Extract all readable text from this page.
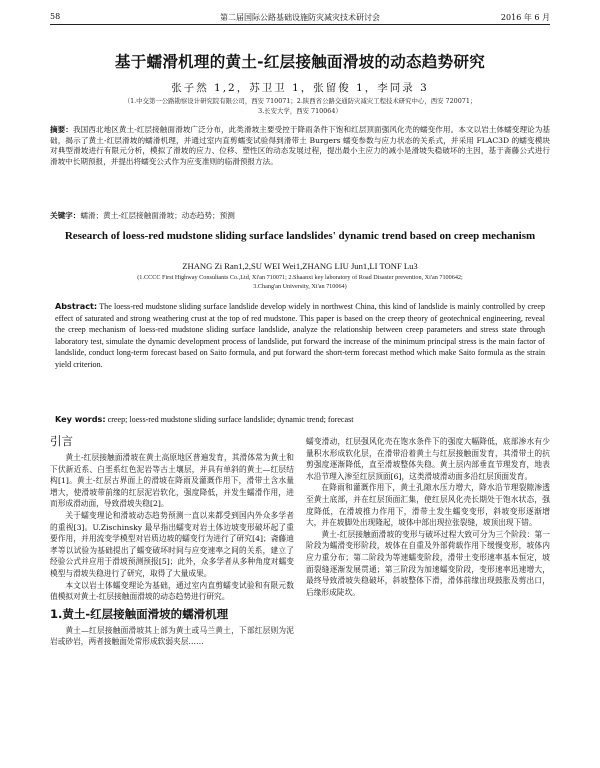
58	第二届国际公路基础设施防灾减灾技术研讨会	2016 年 6 月
基于蠕滑机理的黄土-红层接触面滑坡的动态趋势研究
张子然 1,2，苏卫卫 1，张留俊 1，李同录 3
（1.中交第一公路勘察设计研究院有限公司，西安 710071；2.陕西省公路交通防灾减灾工程技术研究中心，西安 720071；
3.长安大学，西安 710064）
摘要：我国西北地区黄土-红层接触面滑坡广泛分布，此类滑坡主要受控于降雨条件下饱和红层顶面强风化壳的蠕变作用。本文以岩土体蠕变理论为基础，揭示了黄土-红层滑坡的蠕滑机理，并通过室内直剪蠕变试验得到滑带土 Burgers 蠕变参数与应力状态的关系式，并采用 FLAC3D 的蠕变模块对典型滑坡进行有限元分析，模拟了滑坡的应力、位移、塑性区的动态发展过程，提出最小主应力的减小是滑坡失稳破坏的主因，基于斋藤公式进行滑坡中长期预报，并提出将蠕变公式作为应变准则的临滑预报方法。
关键字：蠕滑；黄土-红层接触面滑坡；动态趋势；预测
Research of loess-red mudstone sliding surface landslides' dynamic trend based on creep mechanism
ZHANG Zi Ran1,2,SU WEI Wei1,ZHANG LIU Jun1,LI TONF Lu3
(1.CCCC First Highway Consultants Co.,Ltd, Xi'an 710071; 2.Shaanxi key laboratory of Road Disaster prevention, Xi'an 7100642;
3.Chang'an University, Xi'an 710064)
Abstract: The loess-red mudstone sliding surface landslide develop widely in northwest China, this kind of landslide is mainly controlled by creep effect of saturated and strong weathering crust at the top of red mudstone. This paper is based on the creep theory of geotechnical engineering, reveal the creep mechanism of loess-red mudstone sliding surface landslide, analyze the relationship between creep parameters and stress state through laboratory test, simulate the dynamic development process of landslide, put forward the increase of the minimum principal stress is the main factor of landslide, conduct long-term forecast based on Saito formula, and put forward the short-term forecast method which make Saito formula as the strain yield criterion.
Key words: creep; loess-red mudstone sliding surface landslide; dynamic trend; forecast
引言

黄土-红层接触面滑坡在黄土高原地区普遍发育，其滑体常为黄土和下伏新近系、白垩系红色泥岩等古土壤层，并具有单斜的黄土—红层结构[1]。黄土-红层古界面上的滑坡在降雨及灌溉作用下，滑带土含水量增大，使滑坡带前缘的红层泥岩软化，强度降低，并发生蠕滑作用，进而形成滑动面，导致滑坡失稳[2]。

关于蠕变理论和滑坡动态趋势预测一直以来都受到国内外众多学者的重视[3]。U.Zischinsky 最早指出蠕变对岩土体边坡变形破坏起了重要作用，并用流变学模型对岩质边坡的蠕变行为进行了研究[4]；斋藤迪孝等以试验为基础提出了蠕变破坏时间与应变速率之间的关系，建立了经验公式并应用于滑坡预测预报[5]；此外，众多学者从多种角度对蠕变模型与滑坡失稳进行了研究，取得了大量成果。

本文以岩土体蠕变理论为基础，通过室内直剪蠕变试验和有限元数值模拟对黄土-红层接触面滑坡的动态趋势进行研究。

1.黄土-红层接触面滑坡的蠕滑机理

黄土—红层接触面滑坡其上部为黄土或马兰黄土，下部红层则为泥岩或砂岩，两者接触面处常形成软弱夹层……

蠕变滑动，红层强风化壳在饱水条件下的强度大幅降低，底部渗水有少量积水形成软化层，在滑带沿着黄土与红层接触面发育，其滑带土的抗剪强度逐渐降低，直至滑坡整体失稳。黄土层内部垂直节理发育，地表水沿节理入渗至红层顶面[6]，这类滑坡滑动面多沿红层顶面发育。

在降雨和灌溉作用下，黄土孔隙水压力增大，降水沿节理裂隙渗透至黄土底部，并在红层顶面汇集，使红层风化壳长期处于饱水状态，强度降低，在滑坡推力作用下，滑带土发生蠕变变形，斜坡变形逐渐增大，并在坡脚处出现隆起，坡体中部出现拉张裂缝，坡顶出现下错。

黄土-红层接触面滑坡的变形与破坏过程大致可分为三个阶段：第一阶段为蠕滑变形阶段，坡体在自重及外部荷载作用下缓慢变形，坡体内应力重分布；第二阶段为等速蠕变阶段，滑带土变形速率基本恒定，坡面裂缝逐渐发展贯通；第三阶段为加速蠕变阶段，变形速率迅速增大，最终导致滑坡失稳破坏，斜坡整体下滑，滑体前缘出现鼓胀及剪出口，后缘形成陡坎。
